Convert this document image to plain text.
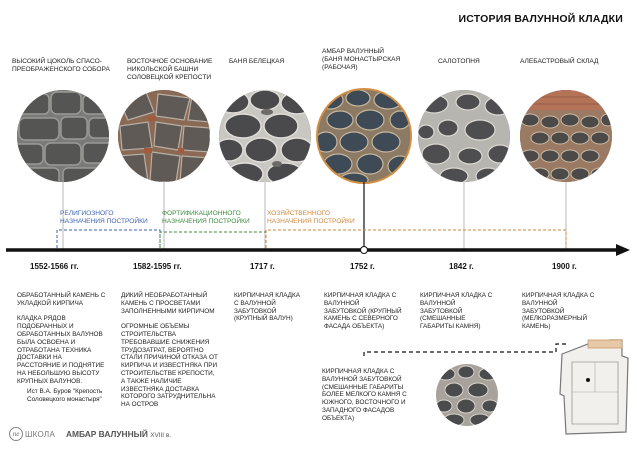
ИСТОРИЯ ВАЛУННОЙ КЛАДКИ
ВЫСОКИЙ ЦОКОЛЬ СПАСО-
ПРЕОБРАЖЕНСКОГО СОБОРА
ВОСТОЧНОЕ ОСНОВАНИЕ
НИКОЛЬСКОЙ БАШНИ
СОЛОВЕЦКОЙ КРЕПОСТИ
БАНЯ БЕЛЕЦКАЯ
АМБАР ВАЛУННЫЙ
(БАНЯ МОНАСТЫРСКАЯ
(РАБОЧАЯ)
САЛОТОПНЯ	АЛЕБАСТРОВЫЙ СКЛАД
РЕЛИГИОЗНОГО
НАЗНАЧЕНИЯ ПОСТРОЙКИ
ФОРТИФИКАЦИОННОГО
НАЗНАЧЕНИЯ ПОСТРОЙКИ
ХОЗЯЙСТВЕННОГО
НАЗНАЧЕНИЯ ПОСТРОЙКИ
1552-1566 гг.	1582-1595 гг.	1717 г.	1752 г.	1842 г.	1900 г.
ОБРАБОТАННЫЙ КАМЕНЬ С
УКЛАДКОЙ КИРПИЧА

КЛАДКА РЯДОВ
ПОДОБРАННЫХ И
ОБРАБОТАННЫХ ВАЛУНОВ
БЫЛА ОСВОЕНА И
ОТРАБОТАНА ТЕХНИКА
ДОСТАВКИ НА
РАССТОЯНИЕ И ПОДНЯТИЕ
НА НЕБОЛЬШУЮ ВЫСОТУ
КРУПНЫХ ВАЛУНОВ.
Ист В.А. Буров "Крепость
Соловецкого монастыря"
ДИКИЙ НЕОБРАБОТАННЫЙ
КАМЕНЬ С ПРОСВЕТАМИ
ЗАПОЛНЕННЫМИ КИРПИЧОМ

ОГРОМНЫЕ ОБЪЕМЫ
СТРОИТЕЛЬСТВА
ТРЕБОВАВШИЕ СНИЖЕНИЯ
ТРУДОЗАТРАТ, ВЕРОЯТНО
СТАЛИ ПРИЧИНОЙ ОТКАЗА ОТ
КИРПИЧА И ИЗВЕСТНЯКА ПРИ
СТРОИТЕЛЬСТВЕ КРЕПОСТИ,
А ТАКЖЕ НАЛИЧИЕ
ИЗВЕСТНЯКА ДОСТАВКА
КОТОРОГО ЗАТРУДНИТЕЛЬНА
НА ОСТРОВ
КИРПИЧНАЯ КЛАДКА
С ВАЛУННОЙ
ЗАБУТОВКОЙ
(КРУПНЫЙ ВАЛУН)
КИРПИЧНАЯ КЛАДКА С
ВАЛУННОЙ
ЗАБУТОВКОЙ (КРУПНЫЙ
КАМЕНЬ С СЕВЕРНОГО
ФАСАДА ОБЪЕКТА)
КИРПИЧНАЯ КЛАДКА С
ВАЛУННОЙ ЗАБУТОВКОЙ
(СМЕШАННЫЕ ГАБАРИТЫ
БОЛЕЕ МЕЛКОГО КАМНЯ С
ЮЖНОГО, ВОСТОЧНОГО И
ЗАПАДНОГО ФАСАДОВ
ОБЪЕКТА)
КИРПИЧНАЯ КЛАДКА С
ВАЛУННОЙ
ЗАБУТОВКОЙ
(СМЕШАННЫЕ
ГАБАРИТЫ КАМНЯ)
КИРПИЧНАЯ КЛАДКА С
ВАЛУННОЙ
ЗАБУТОВКОЙ
(МЕЛКОРАЗМЕРНЫЙ
КАМЕНЬ)
пе ШКОЛА АМБАР ВАЛУННЫЙ XVIII в.
